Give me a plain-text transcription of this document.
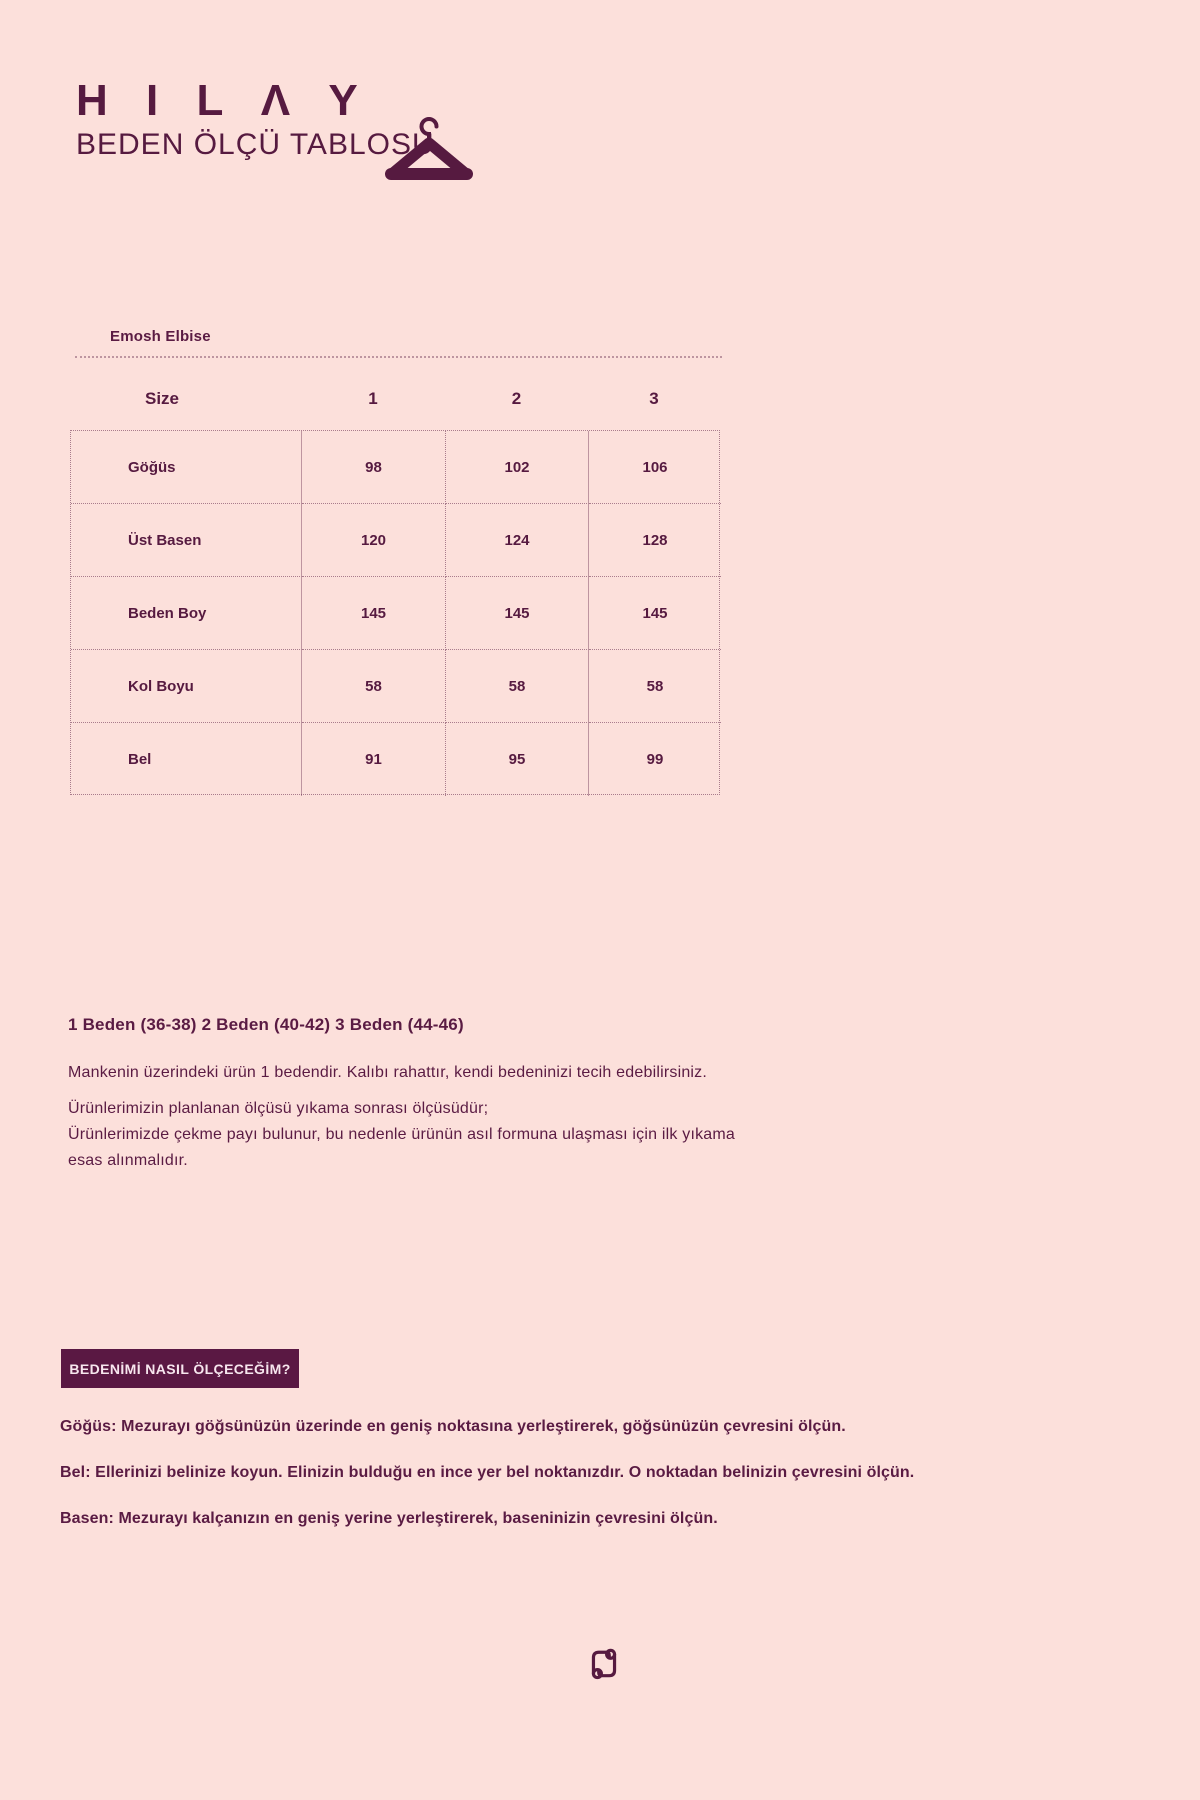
H I L Λ Y
BEDEN ÖLÇÜ TABLOSU
Emosh Elbise
Size	1	2	3
Göğüs	98	102	106
Üst Basen	120	124	128
Beden Boy	145	145	145
Kol Boyu	58	58	58
Bel	91	95	99
1 Beden (36-38) 2 Beden (40-42) 3 Beden (44-46)
Mankenin üzerindeki ürün 1 bedendir. Kalıbı rahattır, kendi bedeninizi tecih edebilirsiniz.
Ürünlerimizin planlanan ölçüsü yıkama sonrası ölçüsüdür;
Ürünlerimizde çekme payı bulunur, bu nedenle ürünün asıl formuna ulaşması için ilk yıkama
esas alınmalıdır.
BEDENİMİ NASIL ÖLÇECEĞİM?
Göğüs: Mezurayı göğsünüzün üzerinde en geniş noktasına yerleştirerek, göğsünüzün çevresini ölçün.
Bel: Ellerinizi belinize koyun. Elinizin bulduğu en ince yer bel noktanızdır. O noktadan belinizin çevresini ölçün.
Basen: Mezurayı kalçanızın en geniş yerine yerleştirerek, baseninizin çevresini ölçün.
